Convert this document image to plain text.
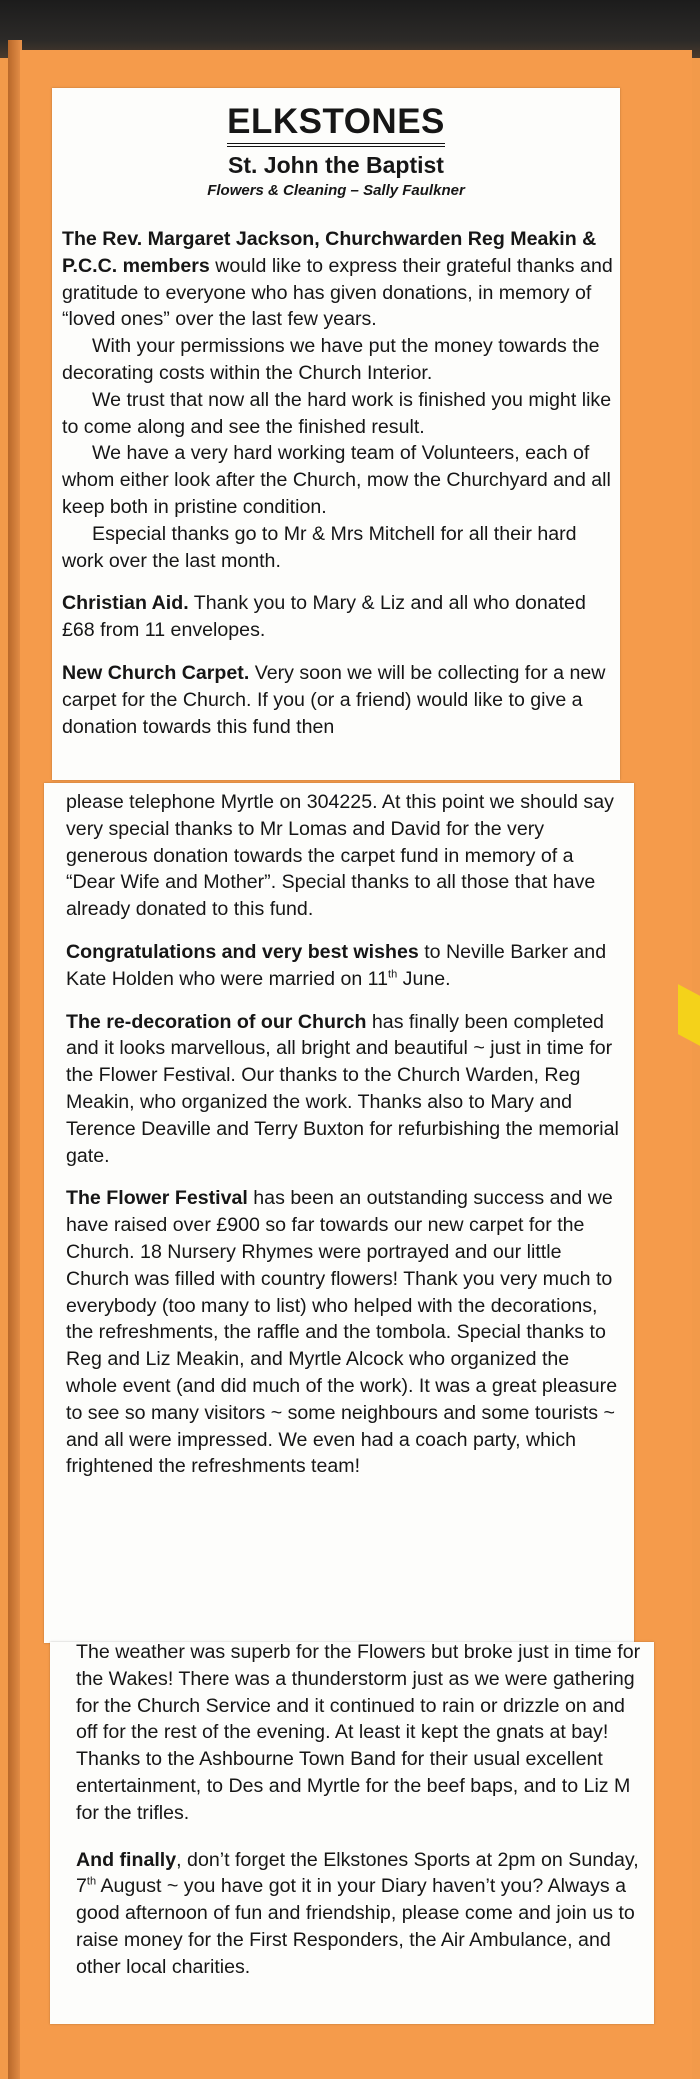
ELKSTONES
St. John the Baptist
Flowers & Cleaning – Sally Faulkner

The Rev. Margaret Jackson, Churchwarden Reg Meakin & P.C.C. members would like to express their grateful thanks and gratitude to everyone who has given donations, in memory of “loved ones” over the last few years.

With your permissions we have put the money towards the decorating costs within the Church Interior.

We trust that now all the hard work is finished you might like to come along and see the finished result.

We have a very hard working team of Volunteers, each of whom either look after the Church, mow the Churchyard and all keep both in pristine condition.

Especial thanks go to Mr & Mrs Mitchell for all their hard work over the last month.

Christian Aid. Thank you to Mary & Liz and all who donated £68 from 11 envelopes.

New Church Carpet. Very soon we will be collecting for a new carpet for the Church. If you (or a friend) would like to give a donation towards this fund then

please telephone Myrtle on 304225. At this point we should say very special thanks to Mr Lomas and David for the very generous donation towards the carpet fund in memory of a “Dear Wife and Mother”. Special thanks to all those that have already donated to this fund.

Congratulations and very best wishes to Neville Barker and Kate Holden who were married on 11th June.

The re-decoration of our Church has finally been completed and it looks marvellous, all bright and beautiful ~ just in time for the Flower Festival. Our thanks to the Church Warden, Reg Meakin, who organized the work. Thanks also to Mary and Terence Deaville and Terry Buxton for refurbishing the memorial gate.

The Flower Festival has been an outstanding success and we have raised over £900 so far towards our new carpet for the Church. 18 Nursery Rhymes were portrayed and our little Church was filled with country flowers! Thank you very much to everybody (too many to list) who helped with the decorations, the refreshments, the raffle and the tombola. Special thanks to Reg and Liz Meakin, and Myrtle Alcock who organized the whole event (and did much of the work). It was a great pleasure to see so many visitors ~ some neighbours and some tourists ~ and all were impressed. We even had a coach party, which frightened the refreshments team!

The weather was superb for the Flowers but broke just in time for the Wakes! There was a thunderstorm just as we were gathering for the Church Service and it continued to rain or drizzle on and off for the rest of the evening. At least it kept the gnats at bay! Thanks to the Ashbourne Town Band for their usual excellent entertainment, to Des and Myrtle for the beef baps, and to Liz M for the trifles.

And finally, don’t forget the Elkstones Sports at 2pm on Sunday, 7th August ~ you have got it in your Diary haven’t you? Always a good afternoon of fun and friendship, please come and join us to raise money for the First Responders, the Air Ambulance, and other local charities.
